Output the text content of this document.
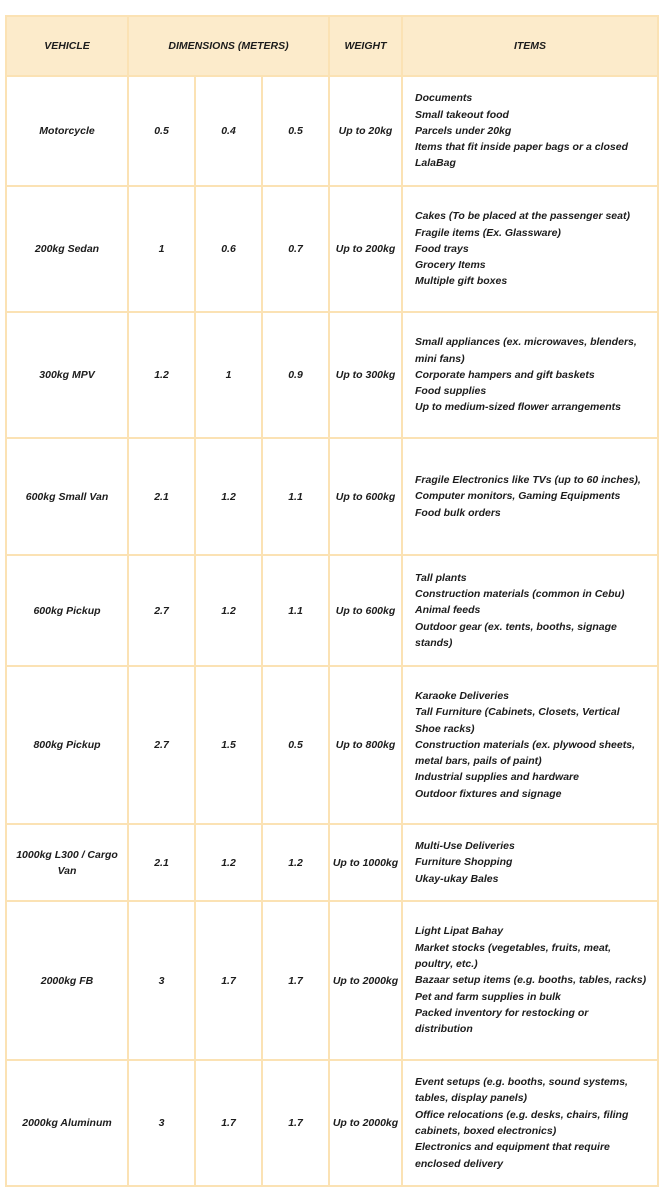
VEHICLE	DIMENSIONS (METERS)			WEIGHT	ITEMS
Motorcycle	0.5	0.4	0.5	Up to 20kg	Documents
Small takeout food
Parcels under 20kg
Items that fit inside paper bags or a closed LalaBag

200kg Sedan	1	0.6	0.7	Up to 200kg	Cakes (To be placed at the passenger seat)
Fragile items (Ex. Glassware)
Food trays
Grocery Items
Multiple gift boxes

300kg MPV	1.2	1	0.9	Up to 300kg	Small appliances (ex. microwaves, blenders, mini fans)
Corporate hampers and gift baskets
Food supplies
Up to medium-sized flower arrangements

600kg Small Van	2.1	1.2	1.1	Up to 600kg	Fragile Electronics like TVs (up to 60 inches), Computer monitors, Gaming Equipments
Food bulk orders

600kg Pickup	2.7	1.2	1.1	Up to 600kg	Tall plants
Construction materials (common in Cebu)
Animal feeds
Outdoor gear (ex. tents, booths, signage stands)

800kg Pickup	2.7	1.5	0.5	Up to 800kg	Karaoke Deliveries
Tall Furniture (Cabinets, Closets, Vertical Shoe racks)
Construction materials (ex. plywood sheets, metal bars, pails of paint)
Industrial supplies and hardware
Outdoor fixtures and signage

1000kg L300 / Cargo Van	2.1	1.2	1.2	Up to 1000kg	Multi-Use Deliveries
Furniture Shopping
Ukay-ukay Bales

2000kg FB	3	1.7	1.7	Up to 2000kg	Light Lipat Bahay
Market stocks (vegetables, fruits, meat, poultry, etc.)
Bazaar setup items (e.g. booths, tables, racks)
Pet and farm supplies in bulk
Packed inventory for restocking or distribution

2000kg Aluminum	3	1.7	1.7	Up to 2000kg	Event setups (e.g. booths, sound systems, tables, display panels)
Office relocations (e.g. desks, chairs, filing cabinets, boxed electronics)
Electronics and equipment that require enclosed delivery
